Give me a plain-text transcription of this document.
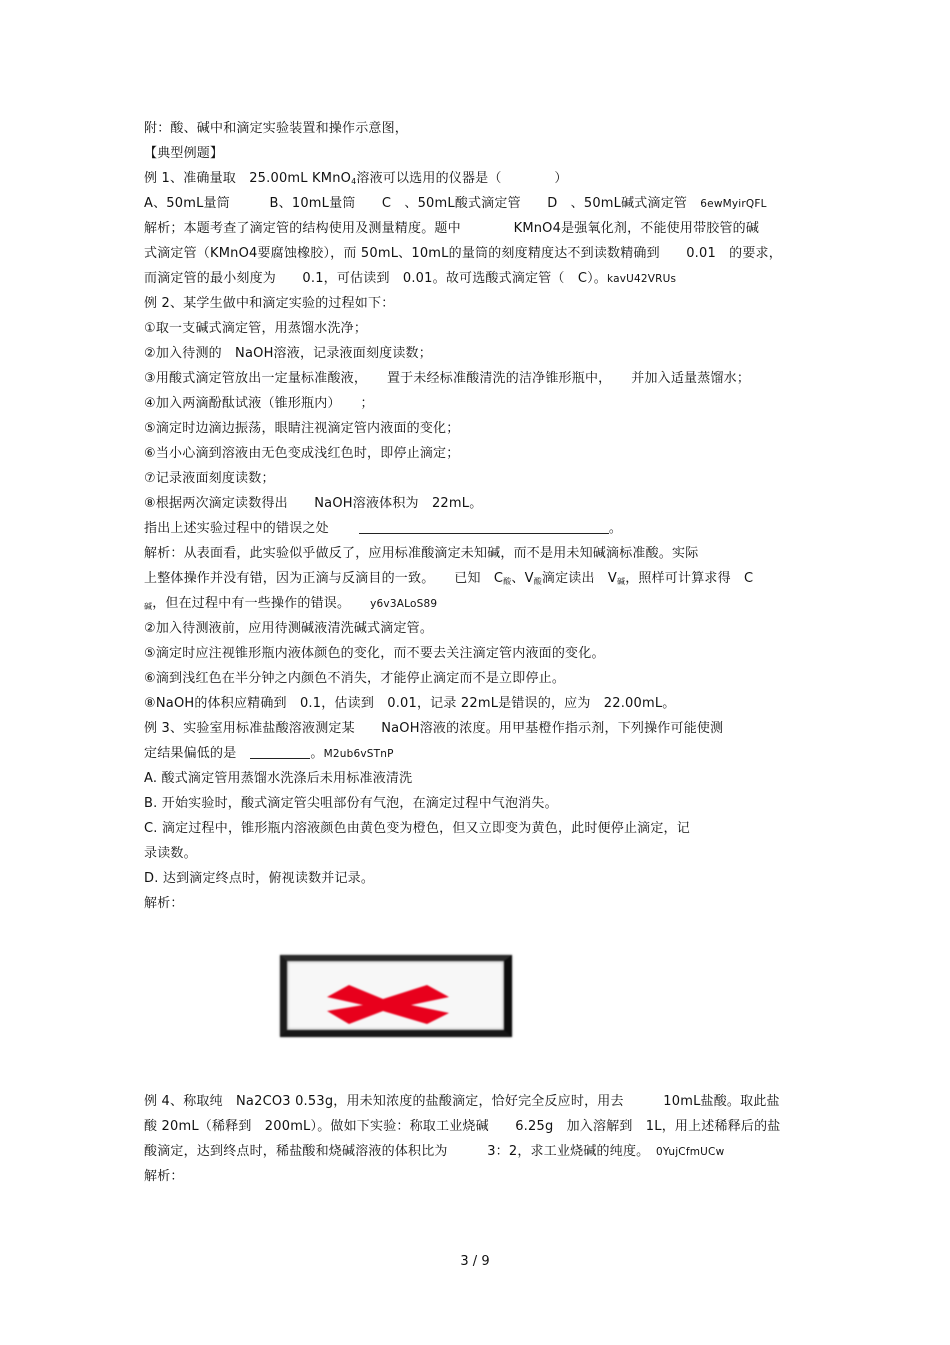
附：酸、碱中和滴定实验装置和操作示意图，
【典型例题】
例 1、准确量取　25.00mL KMnO$_4$溶液可以选用的仪器是（　　　　）
A、50mL量筒　　　B、10mL量筒　　C　、50mL酸式滴定管　　D　、50mL碱式滴定管　 6ewMyirQFL
解析；本题考查了滴定管的结构使用及测量精度。题中　　　　KMnO4是强氧化剂，不能使用带胶管的碱
式滴定管（KMnO4要腐蚀橡胶），而 50mL、10mL的量筒的刻度精度达不到读数精确到　　0.01　的要求，
而滴定管的最小刻度为　　0.1，可估读到　0.01。故可选酸式滴定管（　C）。kavU42VRUs
例 2、某学生做中和滴定实验的过程如下：
①取一支碱式滴定管，用蒸馏水洗净；
②加入待测的　NaOH溶液，记录液面刻度读数；
③用酸式滴定管放出一定量标准酸液，　　置于未经标准酸清洗的洁净锥形瓶中，　　并加入适量蒸馏水；
④加入两滴酚酞试液（锥形瓶内）　　；
⑤滴定时边滴边振荡，眼睛注视滴定管内液面的变化；
⑥当小心滴到溶液由无色变成浅红色时，即停止滴定；
⑦记录液面刻度读数；
⑧根据两次滴定读数得出　　NaOH溶液体积为　22mL。
指出上述实验过程中的错误之处	。
解析：从表面看，此实验似乎做反了，应用标准酸滴定未知碱，而不是用未知碱滴标准酸。实际
上整体操作并没有错，因为正滴与反滴目的一致。　　已知　$C_酸$、$V_酸$滴定读出　$V_碱$，照样可计算求得　C
$_碱$，但在过程中有一些操作的错误。　　	y6v3ALoS89
②加入待测液前，应用待测碱液清洗碱式滴定管。
⑤滴定时应注视锥形瓶内液体颜色的变化，而不要去关注滴定管内液面的变化。
⑥滴到浅红色在半分钟之内颜色不消失，才能停止滴定而不是立即停止。
⑧NaOH的体积应精确到　0.1，估读到　0.01，记录 22mL是错误的，应为　22.00mL。
例 3、实验室用标准盐酸溶液测定某　　NaOH溶液的浓度。用甲基橙作指示剂，下列操作可能使测
定结果偏低的是	。M2ub6vSTnP
A. 酸式滴定管用蒸馏水洗涤后未用标准液清洗
B. 开始实验时，酸式滴定管尖咀部份有气泡，在滴定过程中气泡消失。
C. 滴定过程中，锥形瓶内溶液颜色由黄色变为橙色，但又立即变为黄色，此时便停止滴定，记
录读数。
D. 达到滴定终点时，俯视读数并记录。
解析：
例 4、称取纯　Na2CO3 0.53g，用未知浓度的盐酸滴定，恰好完全反应时，用去　　　10mL盐酸。取此盐
酸 20mL（稀释到　200mL）。做如下实验：称取工业烧碱　　6.25g　加入溶解到　1L，用上述稀释后的盐
酸滴定，达到终点时，稀盐酸和烧碱溶液的体积比为　　　3：2，求工业烧碱的纯度。　 0YujCfmUCw
解析：
3 / 9
